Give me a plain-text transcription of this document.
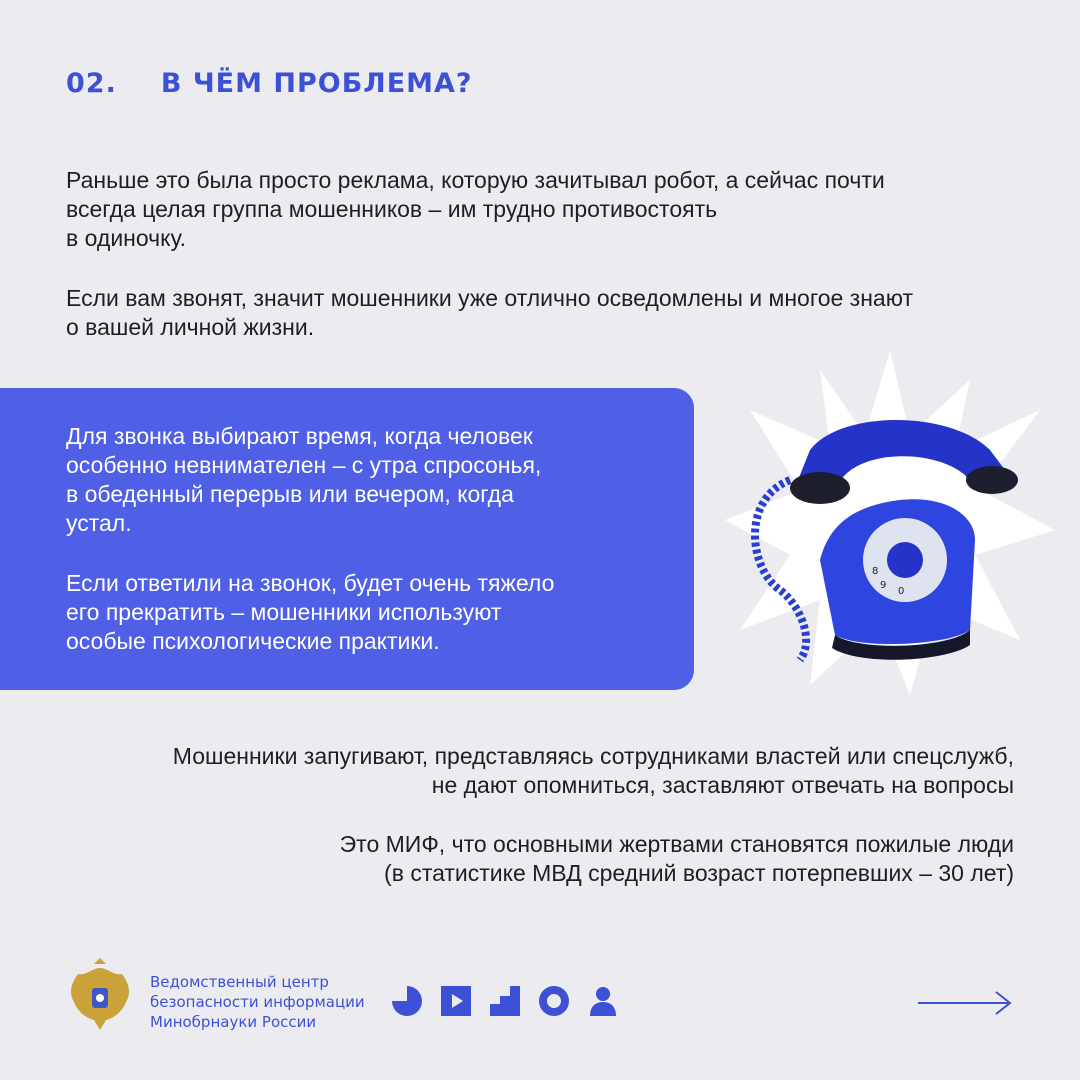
02. В ЧЁМ ПРОБЛЕМА?

Раньше это была просто реклама, которую зачитывал робот, а сейчас почти
всегда целая группа мошенников – им трудно противостоять
в одиночку.

Если вам звонят, значит мошенники уже отлично осведомлены и многое знают
о вашей личной жизни.

Для звонка выбирают время, когда человек
особенно невнимателен – с утра спросонья,
в обеденный перерыв или вечером, когда
устал.

Если ответили на звонок, будет очень тяжело
его прекратить – мошенники используют
особые психологические практики.

8
9
0

Мошенники запугивают, представляясь сотрудниками властей или спецслужб,
не дают опомниться, заставляют отвечать на вопросы

Это МИФ, что основными жертвами становятся пожилые люди
(в статистике МВД средний возраст потерпевших – 30 лет)

Ведомственный центр
безопасности информации
Минобрнауки России
